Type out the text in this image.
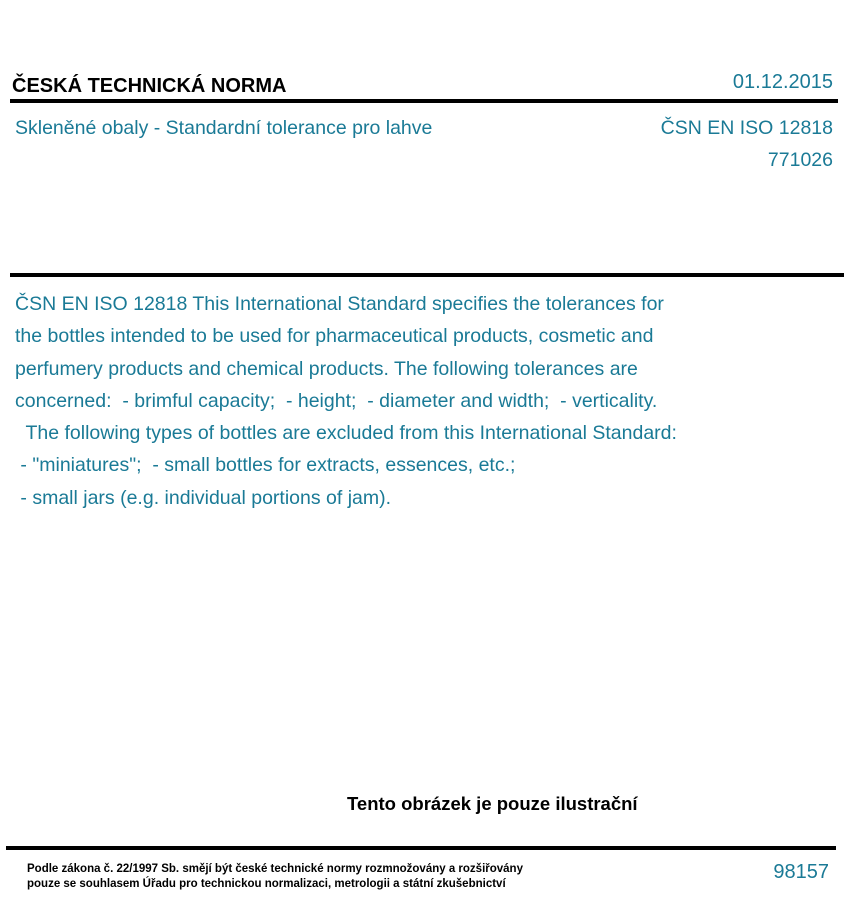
ČESKÁ TECHNICKÁ NORMA	01.12.2015
Skleněné obaly - Standardní tolerance pro lahve	ČSN EN ISO 12818
771026
ČSN EN ISO 12818 This International Standard specifies the tolerances for
the bottles intended to be used for pharmaceutical products, cosmetic and
perfumery products and chemical products. The following tolerances are
concerned:  - brimful capacity;  - height;  - diameter and width;  - verticality.
The following types of bottles are excluded from this International Standard:
- "miniatures";  - small bottles for extracts, essences, etc.;
- small jars (e.g. individual portions of jam).
Tento obrázek je pouze ilustrační
Podle zákona č. 22/1997 Sb. smějí být české technické normy rozmnožovány a rozšiřovány
pouze se souhlasem Úřadu pro technickou normalizaci, metrologii a státní zkušebnictví
98157
